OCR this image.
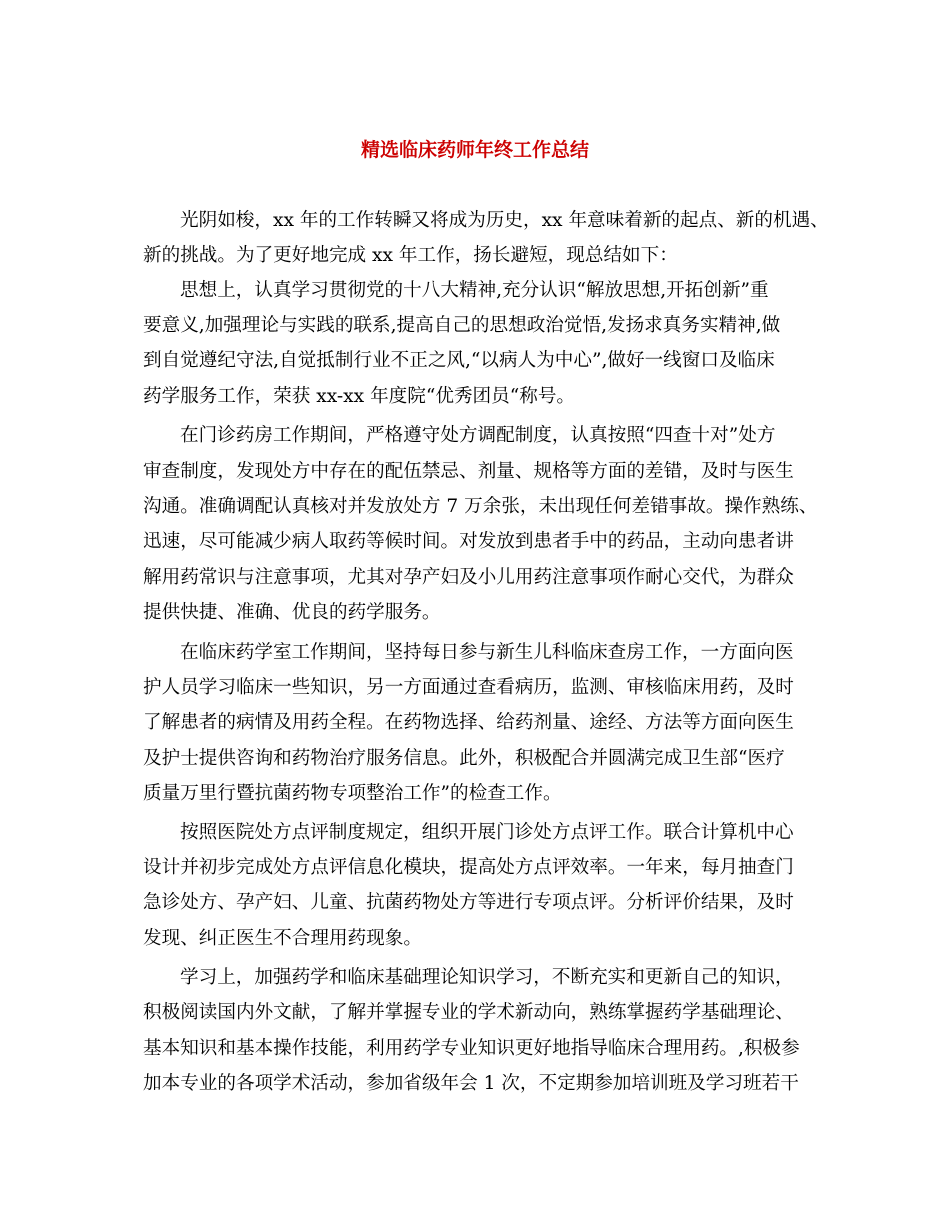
精选临床药师年终工作总结

光阴如梭，xx 年的工作转瞬又将成为历史，xx 年意味着新的起点、新的机遇、

新的挑战。为了更好地完成 xx 年工作，扬长避短，现总结如下：

思想上，认真学习贯彻党的十八大精神,充分认识“解放思想,开拓创新”重

要意义,加强理论与实践的联系,提高自己的思想政治觉悟,发扬求真务实精神,做

到自觉遵纪守法,自觉抵制行业不正之风,“以病人为中心”,做好一线窗口及临床

药学服务工作，荣获 xx-xx 年度院“优秀团员“称号。

在门诊药房工作期间，严格遵守处方调配制度，认真按照“四查十对”处方

审查制度，发现处方中存在的配伍禁忌、剂量、规格等方面的差错，及时与医生

沟通。准确调配认真核对并发放处方 7 万余张，未出现任何差错事故。操作熟练、

迅速，尽可能减少病人取药等候时间。对发放到患者手中的药品，主动向患者讲

解用药常识与注意事项，尤其对孕产妇及小儿用药注意事项作耐心交代，为群众

提供快捷、准确、优良的药学服务。

在临床药学室工作期间，坚持每日参与新生儿科临床查房工作，一方面向医

护人员学习临床一些知识，另一方面通过查看病历，监测、审核临床用药，及时

了解患者的病情及用药全程。在药物选择、给药剂量、途经、方法等方面向医生

及护士提供咨询和药物治疗服务信息。此外，积极配合并圆满完成卫生部“医疗

质量万里行暨抗菌药物专项整治工作”的检查工作。

按照医院处方点评制度规定，组织开展门诊处方点评工作。联合计算机中心

设计并初步完成处方点评信息化模块，提高处方点评效率。一年来，每月抽查门

急诊处方、孕产妇、儿童、抗菌药物处方等进行专项点评。分析评价结果，及时

发现、纠正医生不合理用药现象。

学习上，加强药学和临床基础理论知识学习，不断充实和更新自己的知识，

积极阅读国内外文献，了解并掌握专业的学术新动向，熟练掌握药学基础理论、

基本知识和基本操作技能，利用药学专业知识更好地指导临床合理用药。,积极参

加本专业的各项学术活动，参加省级年会 1 次，不定期参加培训班及学习班若干
